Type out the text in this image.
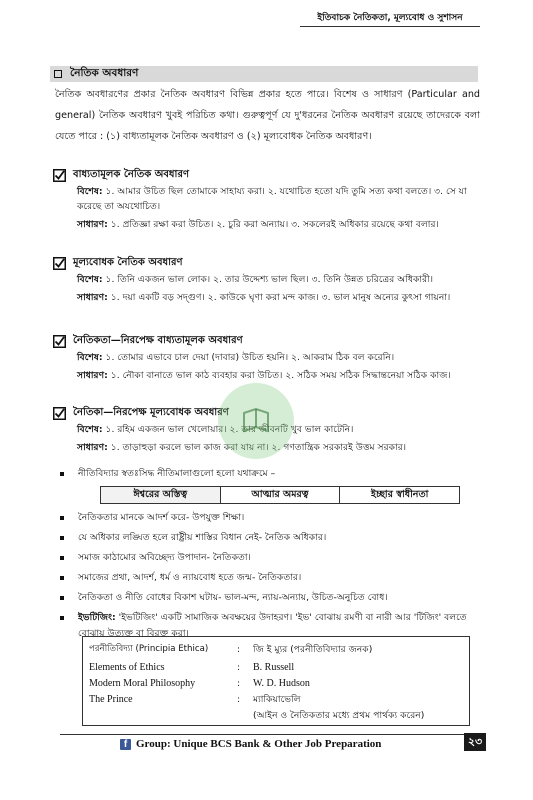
ইতিবাচক নৈতিকতা, মূল্যবোধ ও সুশাসন
নৈতিক অবধারণ
নৈতিক অবধারণের প্রকার নৈতিক অবধারণ বিভিন্ন প্রকার হতে পারে। বিশেষ ও সাধারণ (Particular and general) নৈতিক অবধারণ খুবই পরিচিত কথা। গুরুত্বপূর্ণ যে দু'ধরনের নৈতিক অবধারণ রয়েছে তাদেরকে বলা যেতে পারে : (১) বাধ্যতামূলক নৈতিক অবধারণ ও (২) মূল্যবোধক নৈতিক অবধারণ।
বাধ্যতামূলক নৈতিক অবধারণ

বিশেষ: ১. আমার উচিত ছিল তোমাকে সাহায্য করা। ২. যথোচিত হতো যদি তুমি সত্য কথা বলতে। ৩. সে যা করেছে তা অযথোচিত।

সাধারণ: ১. প্রতিজ্ঞা রক্ষা করা উচিত। ২. চুরি করা অন্যায়। ৩. সকলেরই অধিকার রয়েছে কথা বলার।

মূল্যবোধক নৈতিক অবধারণ

বিশেষ: ১. তিনি একজন ভাল লোক। ২. তার উদ্দেশ্য ভাল ছিল। ৩. তিনি উন্নত চরিত্রের অধিকারী।

সাধারণ: ১. দয়া একটি বড় সদ্গুণ। ২. কাউকে ঘৃণা করা মন্দ কাজ। ৩. ভাল মানুষ অন্যের কুৎসা গায়না।

নৈতিকতা—নিরপেক্ষ বাধ্যতামূলক অবধারণ

বিশেষ: ১. তোমার এভাবে চাল দেয়া (দাবার) উচিত হয়নি। ২. আকরাম ঠিক বল করেনি।

সাধারণ: ১. নৌকা বানাতে ভাল কাঠ ব্যবহার করা উচিত। ২. সঠিক সময় সঠিক সিদ্ধান্তনেয়া সঠিক কাজ।

নৈতিকা—নিরপেক্ষ মূল্যবোধক অবধারণ

বিশেষ: ১. রহিম একজন ভাল খেলোয়ার। ২. তার জীবনটি খুব ভাল কাটেনি।

সাধারণ: ১. তাড়াহুড়া করলে ভাল কাজ করা যায় না। ২. গণতান্ত্রিক সরকারই উত্তম সরকার।

নীতিবিদ্যার স্বতঃসিদ্ধ নীতিমালাগুলো হলো যথাক্রমে –
ঈশ্বরের অস্তিত্ব	আত্মার অমরত্ব	ইচ্ছার স্বাধীনতা
নৈতিকতার মানকে আদর্শ করে- উপযুক্ত শিক্ষা।
যে অধিকার লঙ্ঘিত হলে রাষ্ট্রীয় শাস্তির বিধান নেই- নৈতিক অধিকার।
সমাজ কাঠামোর অবিচ্ছেদ্য উপাদান- নৈতিকতা।
সমাজের প্রথা, আদর্শ, ধর্ম ও ন্যায়বোধ হতে জন্ম- নৈতিকতার।
নৈতিকতা ও নীতি বোধের বিকাশ ঘটায়- ভাল-মন্দ, ন্যায়-অন্যায়, উচিত-অনুচিত বোধ।
ইভটিজিং: 'ইভটিজিং' একটি সামাজিক অবক্ষয়ের উদাহরণ। 'ইভ' বোঝায় রমণী বা নারী আর 'টিজিং' বলতে বোঝায় উত্যক্ত বা বিরক্ত করা।
পরনীতিবিদ্যা (Principia Ethica)	:	জি ই ম্যুর (পরনীতিবিদ্যার জনক)
Elements of Ethics	:	B. Russell
Modern Moral Philosophy	:	W. D. Hudson
The Prince	:	ম্যাকিয়াভেলি
(আইন ও নৈতিকতার মধ্যে প্রথম পার্থক্য করেন)
f Group: Unique BCS Bank & Other Job Preparation	২৩
